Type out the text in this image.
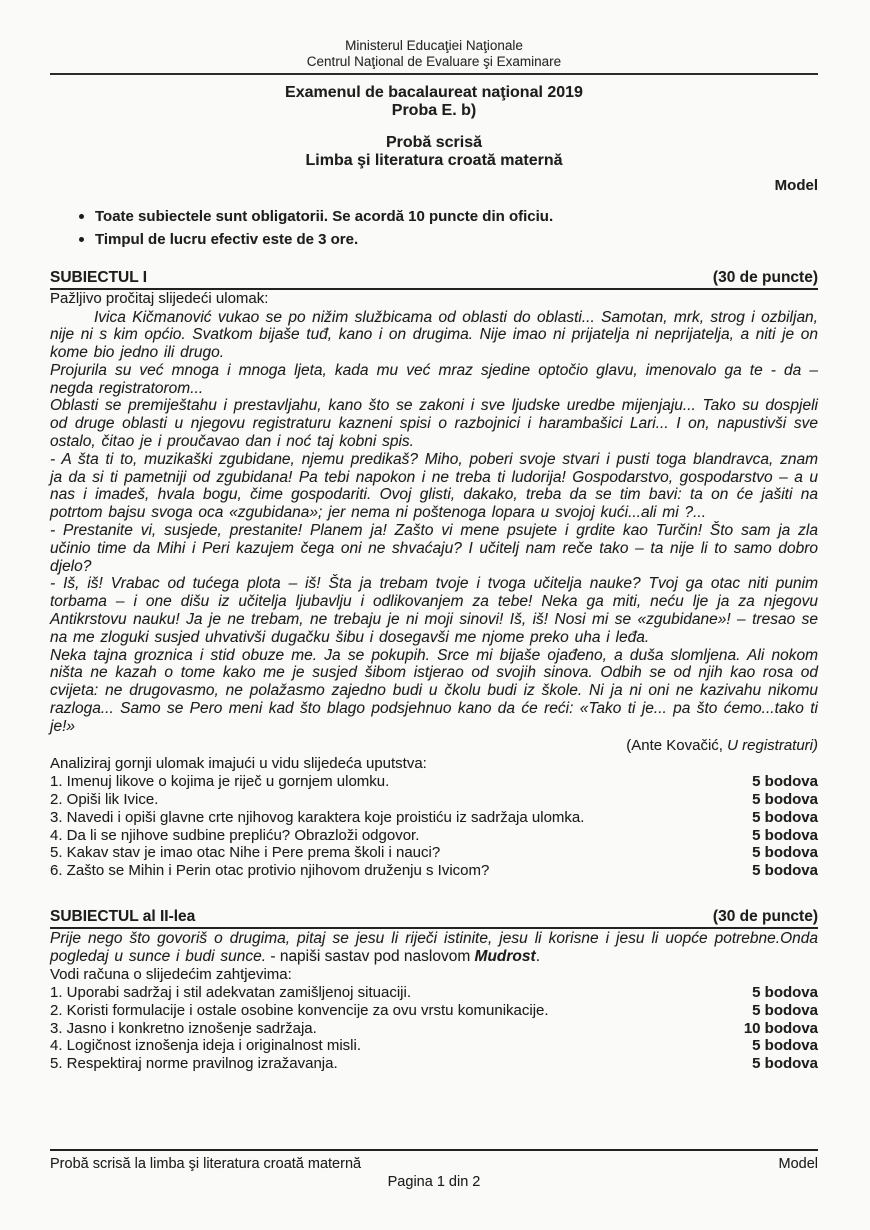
Ministerul Educaţiei Naţionale
Centrul Naţional de Evaluare şi Examinare
Examenul de bacalaureat naţional 2019
Proba E. b)
Probă scrisă
Limba şi literatura croată maternă
Model
Toate subiectele sunt obligatorii. Se acordă 10 puncte din oficiu.
Timpul de lucru efectiv este de 3 ore.
SUBIECTUL I	(30 de puncte)
Pažljivo pročitaj slijedeći ulomak:

Ivica Kičmanović vukao se po nižim službicama od oblasti do oblasti... Samotan, mrk, strog i ozbiljan, nije ni s kim općio. Svatkom bijaše tuđ, kano i on drugima. Nije imao ni prijatelja ni neprijatelja, a niti je on kome bio jedno ili drugo.

Projurila su već mnoga i mnoga ljeta, kada mu već mraz sjedine optočio glavu, imenovalo ga te - da – negda registratorom...

Oblasti se premiještahu i prestavljahu, kano što se zakoni i sve ljudske uredbe mijenjaju... Tako su dospjeli od druge oblasti u njegovu registraturu kazneni spisi o razbojnici i harambašici Lari... I on, napustivši sve ostalo, čitao je i proučavao dan i noć taj kobni spis.

- A šta ti to, muzikaški zgubidane, njemu predikaš? Miho, poberi svoje stvari i pusti toga blandravca, znam ja da si ti pametniji od zgubidana! Pa tebi napokon i ne treba ti ludorija! Gospodarstvo, gospodarstvo – a u nas i imadeš, hvala bogu, čime gospodariti. Ovoj glisti, dakako, treba da se tim bavi: ta on će jašiti na potrtom bajsu svoga oca «zgubidana»; jer nema ni poštenoga lopara u svojoj kući...ali mi ?...

- Prestanite vi, susjede, prestanite! Planem ja! Zašto vi mene psujete i grdite kao Turčin! Što sam ja zla učinio time da Mihi i Peri kazujem čega oni ne shvaćaju? I učitelj nam reče tako – ta nije li to samo dobro djelo?

- Iš, iš! Vrabac od tućega plota – iš! Šta ja trebam tvoje i tvoga učitelja nauke? Tvoj ga otac niti punim torbama – i one dišu iz učitelja ljubavlju i odlikovanjem za tebe! Neka ga miti, neću lje ja za njegovu Antikrstovu nauku! Ja je ne trebam, ne trebaju je ni moji sinovi! Iš, iš! Nosi mi se «zgubidane»! – tresao se na me zloguki susjed uhvativši dugačku šibu i dosegavši me njome preko uha i leđa.

Neka tajna groznica i stid obuze me. Ja se pokupih. Srce mi bijaše ojađeno, a duša slomljena. Ali nokom ništa ne kazah o tome kako me je susjed šibom istjerao od svojih sinova. Odbih se od njih kao rosa od cvijeta: ne drugovasmo, ne polažasmo zajedno budi u čkolu budi iz škole. Ni ja ni oni ne kazivahu nikomu razloga... Samo se Pero meni kad što blago podsjehnuo kano da će reći: «Tako ti je... pa što ćemo...tako ti je!»

(Ante Kovačić, U registraturi)
Analiziraj gornji ulomak imajući u vidu slijedeća uputstva:
1. Imenuj likove o kojima je riječ u gornjem ulomku.	5 bodova
2. Opiši lik Ivice.	5 bodova
3. Navedi i opiši glavne crte njihovog karaktera koje proistiću iz sadržaja ulomka.	5 bodova
4. Da li se njihove sudbine prepliću? Obrazloži odgovor.	5 bodova
5. Kakav stav je imao otac Nihe i Pere prema školi i nauci?	5 bodova
6. Zašto se Mihin i Perin otac protivio njihovom druženju s Ivicom?	5 bodova
SUBIECTUL al II-lea	(30 de puncte)
Prije nego što govoriš o drugima, pitaj se jesu li riječi istinite, jesu li korisne i jesu li uopće potrebne.Onda pogledaj u sunce i budi sunce. - napiši sastav pod naslovom Mudrost.
Vodi računa o slijedećim zahtjevima:
1. Uporabi sadržaj i stil adekvatan zamišljenoj situaciji.	5 bodova
2. Koristi formulacije i ostale osobine konvencije za ovu vrstu komunikacije.	5 bodova
3. Jasno i konkretno iznošenje sadržaja.	10 bodova
4. Logičnost iznošenja ideja i originalnost misli.	5 bodova
5. Respektiraj norme pravilnog izražavanja.	5 bodova
Probă scrisă la limba şi literatura croată maternă	Model
Pagina 1 din 2
